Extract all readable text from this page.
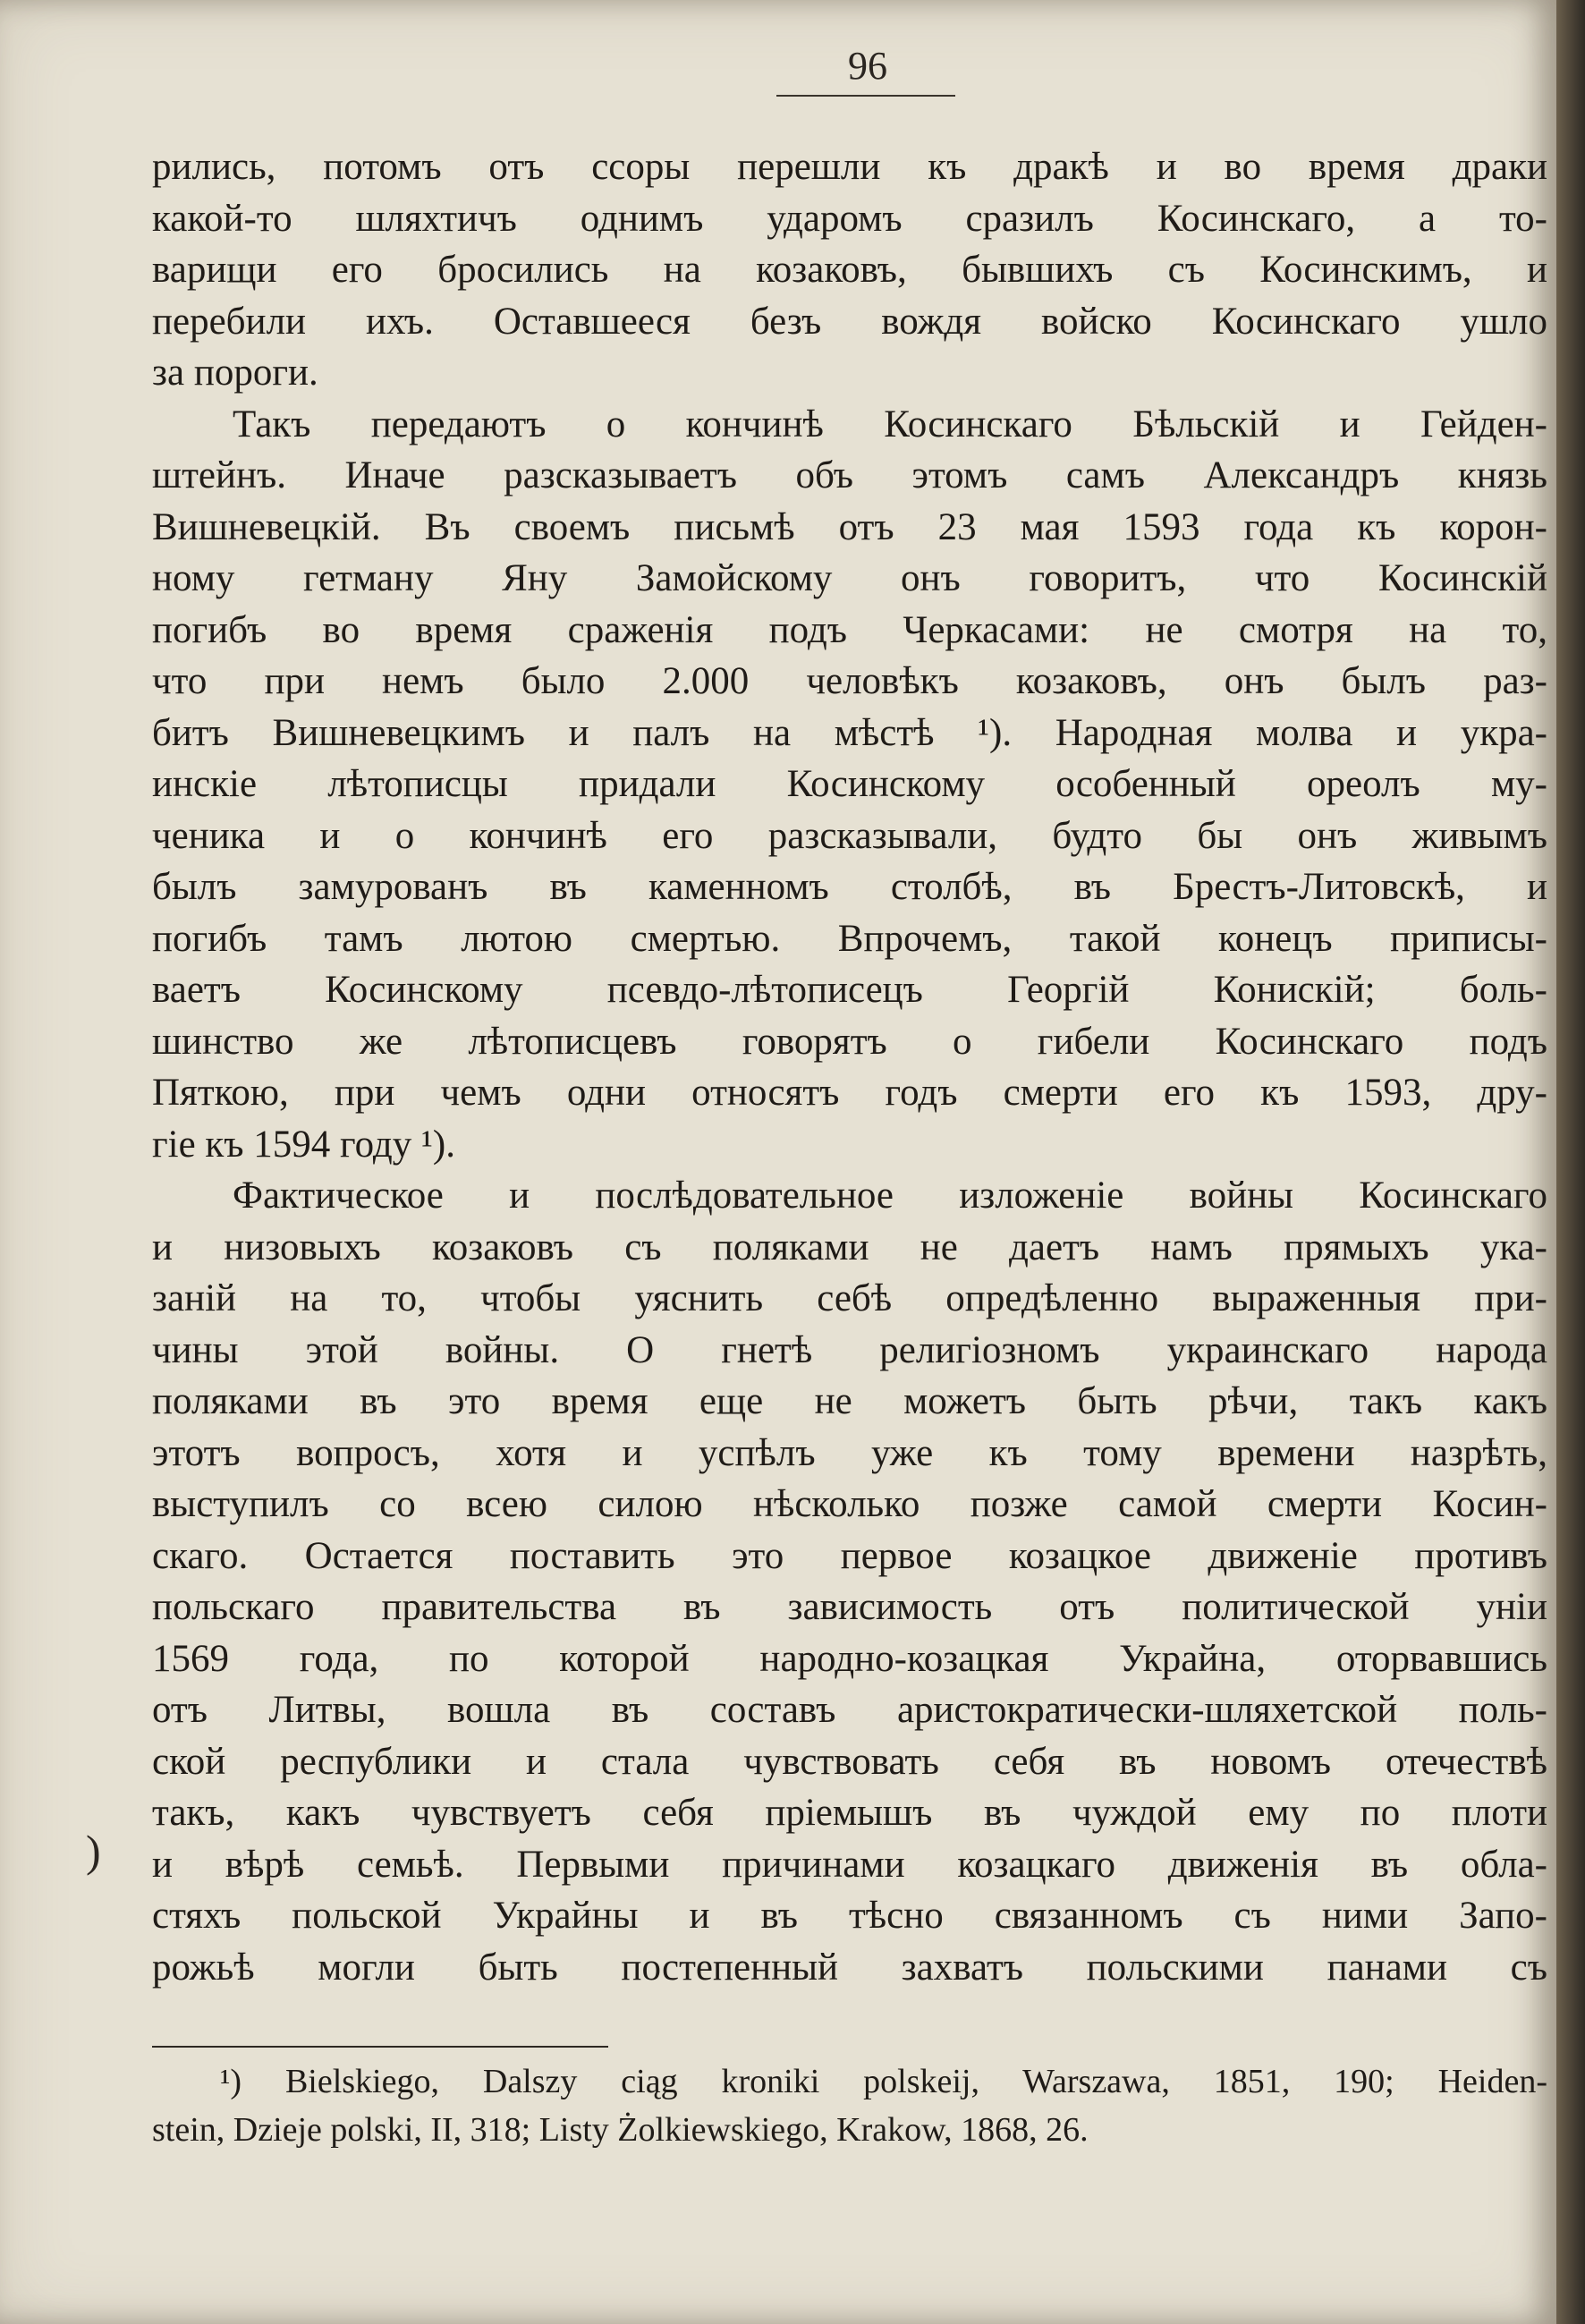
96
рились, потомъ отъ ссоры перешли къ дракѣ и во время драки
какой-то шляхтичъ однимъ ударомъ сразилъ Косинскаго, а то-
варищи его бросились на козаковъ, бывшихъ съ Косинскимъ, и
перебили ихъ. Оставшееся безъ вождя войско Косинскаго ушло
за пороги.
Такъ передаютъ о кончинѣ Косинскаго Бѣльскій и Гейден-
штейнъ. Иначе разсказываетъ объ этомъ самъ Александръ князь
Вишневецкій. Въ своемъ письмѣ отъ 23 мая 1593 года къ корон-
ному гетману Яну Замойскому онъ говоритъ, что Косинскій
погибъ во время сраженія подъ Черкасами: не смотря на то,
что при немъ было 2.000 человѣкъ козаковъ, онъ былъ раз-
битъ Вишневецкимъ и палъ на мѣстѣ ¹). Народная молва и укра-
инскіе лѣтописцы придали Косинскому особенный ореолъ му-
ченика и о кончинѣ его разсказывали, будто бы онъ живымъ
былъ замурованъ въ каменномъ столбѣ, въ Брестъ-Литовскѣ, и
погибъ тамъ лютою смертью. Впрочемъ, такой конецъ приписы-
ваетъ Косинскому псевдо-лѣтописецъ Георгій Конискій; боль-
шинство же лѣтописцевъ говорятъ о гибели Косинскаго подъ
Пяткою, при чемъ одни относятъ годъ смерти его къ 1593, дру-
гіе къ 1594 году ¹).
Фактическое и послѣдовательное изложеніе войны Косинскаго
и низовыхъ козаковъ съ поляками не даетъ намъ прямыхъ ука-
заній на то, чтобы уяснить себѣ опредѣленно выраженныя при-
чины этой войны. О гнетѣ религіозномъ украинскаго народа
поляками въ это время еще не можетъ быть рѣчи, такъ какъ
этотъ вопросъ, хотя и успѣлъ уже къ тому времени назрѣть,
выступилъ со всею силою нѣсколько позже самой смерти Косин-
скаго. Остается поставить это первое козацкое движеніе противъ
польскаго правительства въ зависимость отъ политической уніи
1569 года, по которой народно-козацкая Украйна, оторвавшись
отъ Литвы, вошла въ составъ аристократически-шляхетской поль-
ской республики и стала чувствовать себя въ новомъ отечествѣ
такъ, какъ чувствуетъ себя пріемышъ въ чуждой ему по плоти
и вѣрѣ семьѣ. Первыми причинами козацкаго движенія въ обла-
стяхъ польской Украйны и въ тѣсно связанномъ съ ними Запо-
рожьѣ могли быть постепенный захватъ польскими панами съ
)
¹) Bielskiego, Dalszy ciąg kroniki polskeij, Warszawa, 1851, 190; Heiden-
stein, Dzieje polski, II, 318; Listy Żolkiewskiego, Krakow, 1868, 26.
